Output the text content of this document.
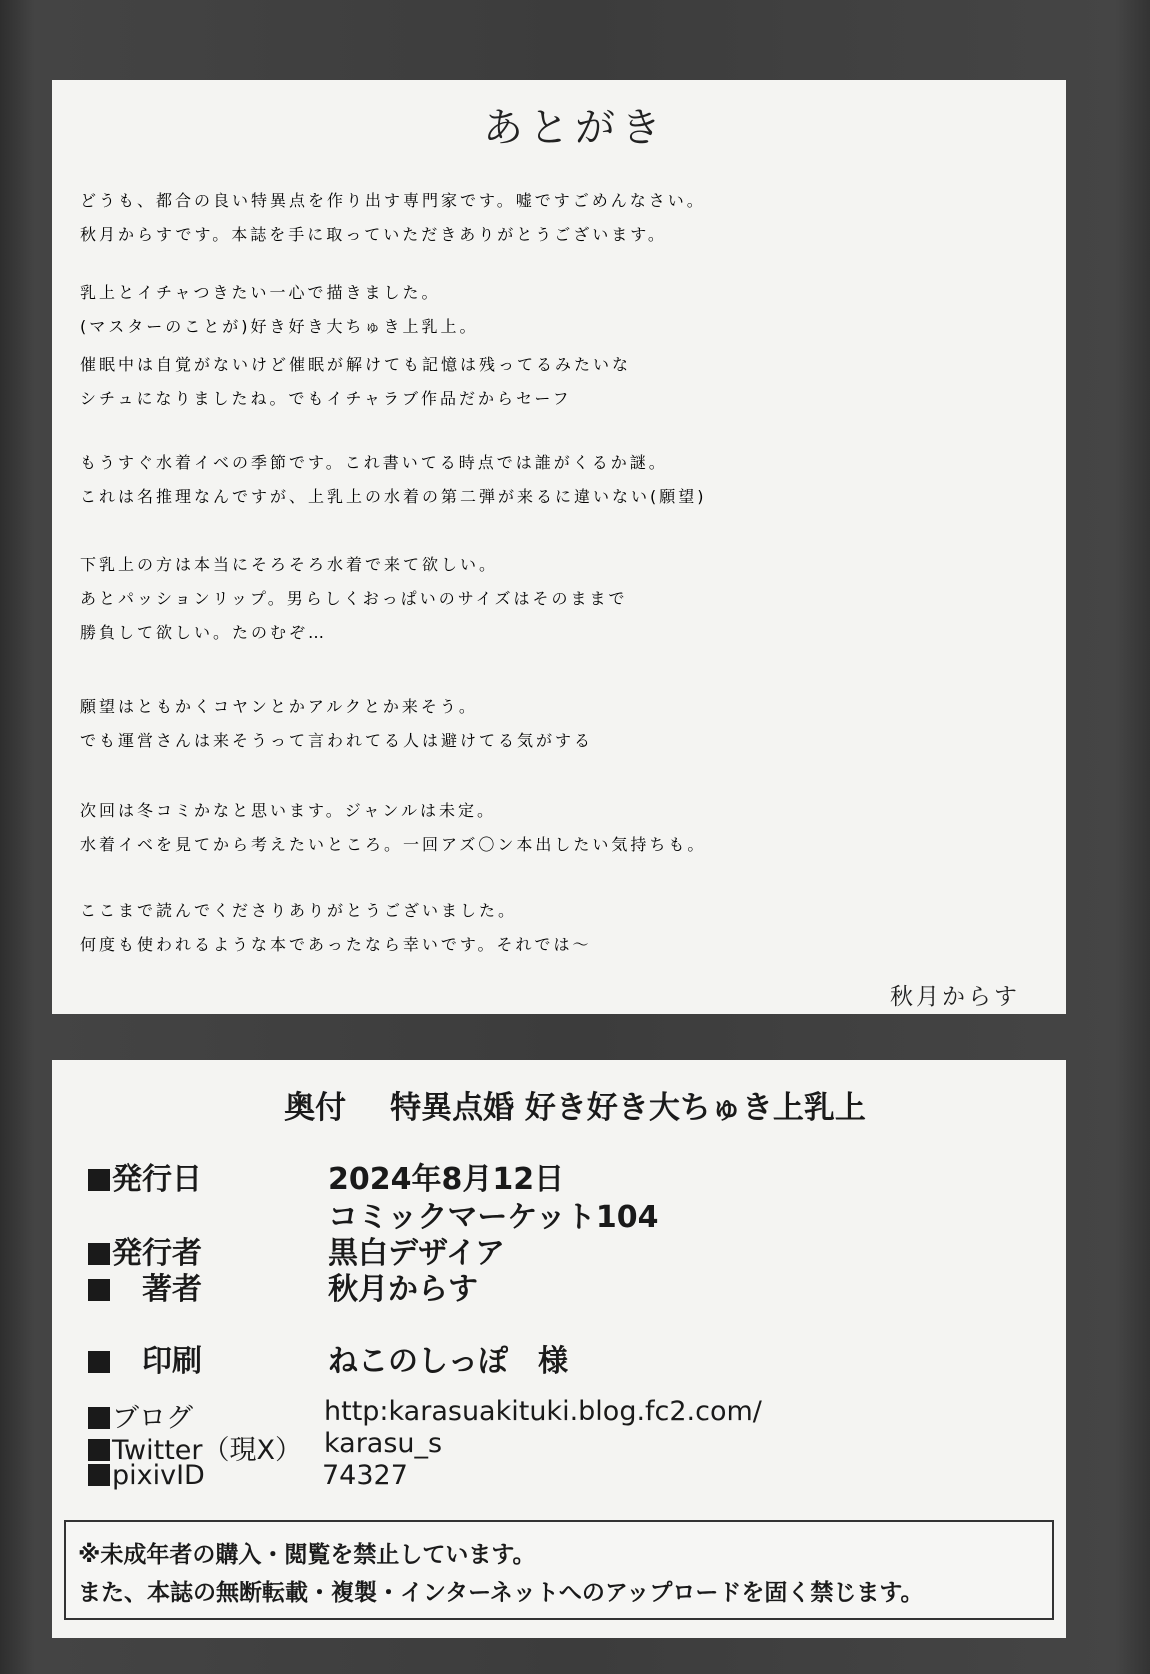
あとがき
どうも、都合の良い特異点を作り出す専門家です。嘘ですごめんなさい。
秋月からすです。本誌を手に取っていただきありがとうございます。
乳上とイチャつきたい一心で描きました。
(マスターのことが)好き好き大ちゅき上乳上。
催眠中は自覚がないけど催眠が解けても記憶は残ってるみたいな
シチュになりましたね。でもイチャラブ作品だからセーフ
もうすぐ水着イベの季節です。これ書いてる時点では誰がくるか謎。
これは名推理なんですが、上乳上の水着の第二弾が来るに違いない(願望)
下乳上の方は本当にそろそろ水着で来て欲しい。
あとパッションリップ。男らしくおっぱいのサイズはそのままで
勝負して欲しい。たのむぞ…
願望はともかくコヤンとかアルクとか来そう。
でも運営さんは来そうって言われてる人は避けてる気がする
次回は冬コミかなと思います。ジャンルは未定。
水着イベを見てから考えたいところ。一回アズ〇ン本出したい気持ちも。
ここまで読んでくださりありがとうございました。
何度も使われるような本であったなら幸いです。それでは～
秋月からす
奥付 特異点婚 好き好き大ちゅき上乳上
発行日	2024年8月12日
コミックマーケット104
発行者	黒白デザイア
　著者	秋月からす
　印刷	ねこのしっぽ　様
ブログ	http:karasuakituki.blog.fc2.com/
Twitter（現X） karasu_s
pixivID	74327
※未成年者の購入・閲覧を禁止しています。
また、本誌の無断転載・複製・インターネットへのアップロードを固く禁じます。
